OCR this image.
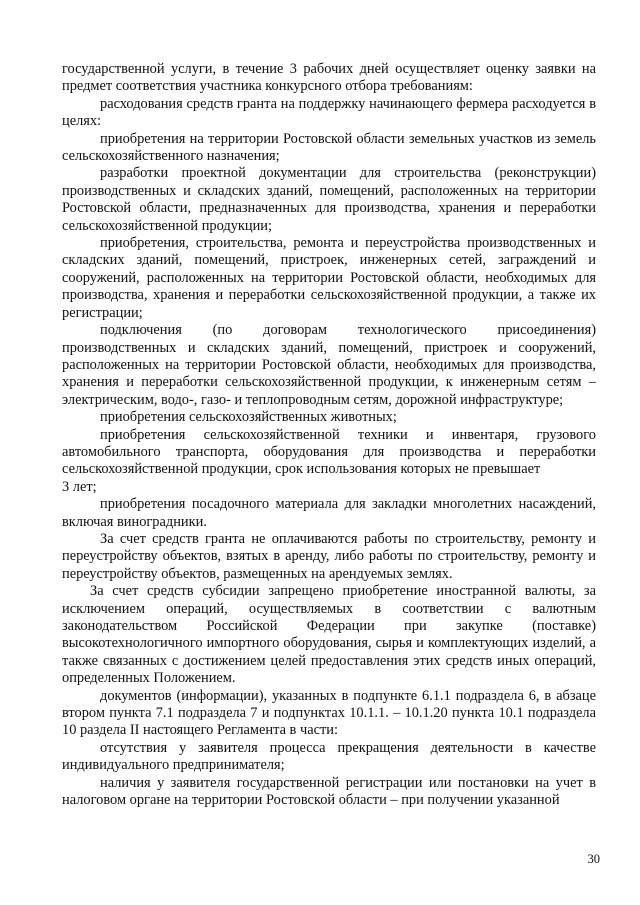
государственной услуги, в течение 3 рабочих дней осуществляет оценку заявки на предмет соответствия участника конкурсного отбора требованиям:

расходования средств гранта на поддержку начинающего фермера расходуется в целях:

приобретения на территории Ростовской области земельных участков из земель сельскохозяйственного назначения;

разработки проектной документации для строительства (реконструкции) производственных и складских зданий, помещений, расположенных на территории Ростовской области, предназначенных для производства, хранения и переработки сельскохозяйственной продукции;

приобретения, строительства, ремонта и переустройства производственных и складских зданий, помещений, пристроек, инженерных сетей, заграждений и сооружений, расположенных на территории Ростовской области, необходимых для производства, хранения и переработки сельскохозяйственной продукции, а также их регистрации;

подключения (по договорам технологического присоединения) производственных и складских зданий, помещений, пристроек и сооружений, расположенных на территории Ростовской области, необходимых для производства, хранения и переработки сельскохозяйственной продукции, к инженерным сетям – электрическим, водо-, газо- и теплопроводным сетям, дорожной инфраструктуре;

приобретения сельскохозяйственных животных;

приобретения сельскохозяйственной техники и инвентаря, грузового автомобильного транспорта, оборудования для производства и переработки сельскохозяйственной продукции, срок использования которых не превышает

3 лет;

приобретения посадочного материала для закладки многолетних насаждений, включая виноградники.

За счет средств гранта не оплачиваются работы по строительству, ремонту и переустройству объектов, взятых в аренду, либо работы по строительству, ремонту и переустройству объектов, размещенных на арендуемых землях.

За счет средств субсидии запрещено приобретение иностранной валюты, за исключением операций, осуществляемых в соответствии с валютным законодательством Российской Федерации при закупке (поставке) высокотехнологичного импортного оборудования, сырья и комплектующих изделий, а также связанных с достижением целей предоставления этих средств иных операций, определенных Положением.

документов (информации), указанных в подпункте 6.1.1 подраздела 6, в абзаце втором пункта 7.1 подраздела 7 и подпунктах 10.1.1. – 10.1.20 пункта 10.1 подраздела 10 раздела II настоящего Регламента в части:

отсутствия у заявителя процесса прекращения деятельности в качестве индивидуального предпринимателя;

наличия у заявителя государственной регистрации или постановки на учет в налоговом органе на территории Ростовской области – при получении указанной

30
